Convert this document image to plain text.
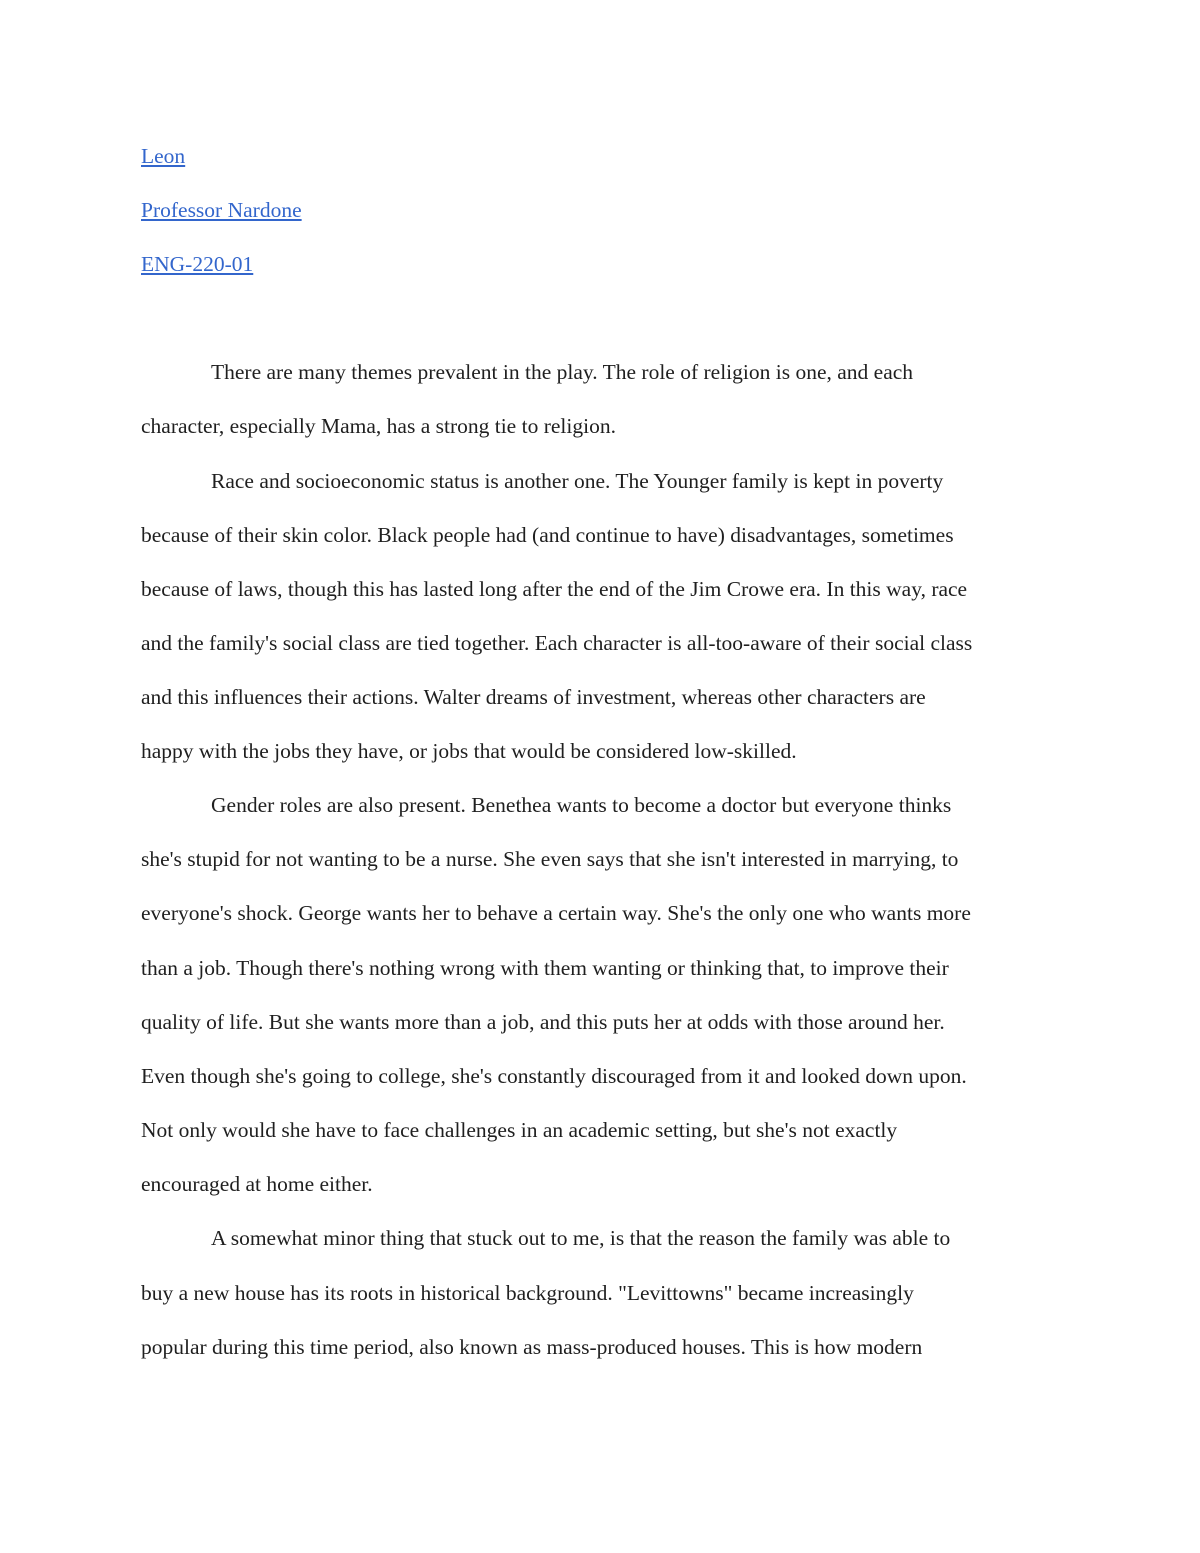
Leon
Professor Nardone
ENG-220-01

There are many themes prevalent in the play. The role of religion is one, and each

character, especially Mama, has a strong tie to religion.

Race and socioeconomic status is another one. The Younger family is kept in poverty

because of their skin color. Black people had (and continue to have) disadvantages, sometimes

because of laws, though this has lasted long after the end of the Jim Crowe era. In this way, race

and the family's social class are tied together. Each character is all-too-aware of their social class

and this influences their actions. Walter dreams of investment, whereas other characters are

happy with the jobs they have, or jobs that would be considered low-skilled.

Gender roles are also present. Benethea wants to become a doctor but everyone thinks

she's stupid for not wanting to be a nurse. She even says that she isn't interested in marrying, to

everyone's shock. George wants her to behave a certain way. She's the only one who wants more

than a job. Though there's nothing wrong with them wanting or thinking that, to improve their

quality of life. But she wants more than a job, and this puts her at odds with those around her.

Even though she's going to college, she's constantly discouraged from it and looked down upon.

Not only would she have to face challenges in an academic setting, but she's not exactly

encouraged at home either.

A somewhat minor thing that stuck out to me, is that the reason the family was able to

buy a new house has its roots in historical background. "Levittowns" became increasingly

popular during this time period, also known as mass-produced houses. This is how modern
